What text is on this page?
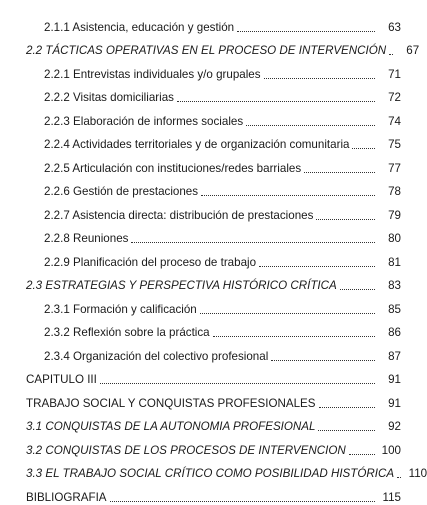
2.1.1 Asistencia, educación y gestión	63
2.2 TÁCTICAS OPERATIVAS EN EL PROCESO DE INTERVENCIÓN	67
2.2.1 Entrevistas individuales y/o grupales	71
2.2.2 Visitas domiciliarias	72
2.2.3 Elaboración de informes sociales	74
2.2.4 Actividades territoriales y de organización comunitaria	75
2.2.5 Articulación con instituciones/redes barriales	77
2.2.6 Gestión de prestaciones	78
2.2.7 Asistencia directa: distribución de prestaciones	79
2.2.8 Reuniones	80
2.2.9 Planificación del proceso de trabajo	81
2.3 ESTRATEGIAS Y PERSPECTIVA HISTÓRICO CRÍTICA	83
2.3.1 Formación y calificación	85
2.3.2 Reflexión sobre la práctica	86
2.3.4 Organización del colectivo profesional	87
CAPITULO III	91
TRABAJO SOCIAL Y CONQUISTAS PROFESIONALES	91
3.1 CONQUISTAS DE LA AUTONOMIA PROFESIONAL	92
3.2 CONQUISTAS DE LOS PROCESOS DE INTERVENCION	100
3.3 EL TRABAJO SOCIAL CRÍTICO COMO POSIBILIDAD HISTÓRICA	110
BIBLIOGRAFIA	115
